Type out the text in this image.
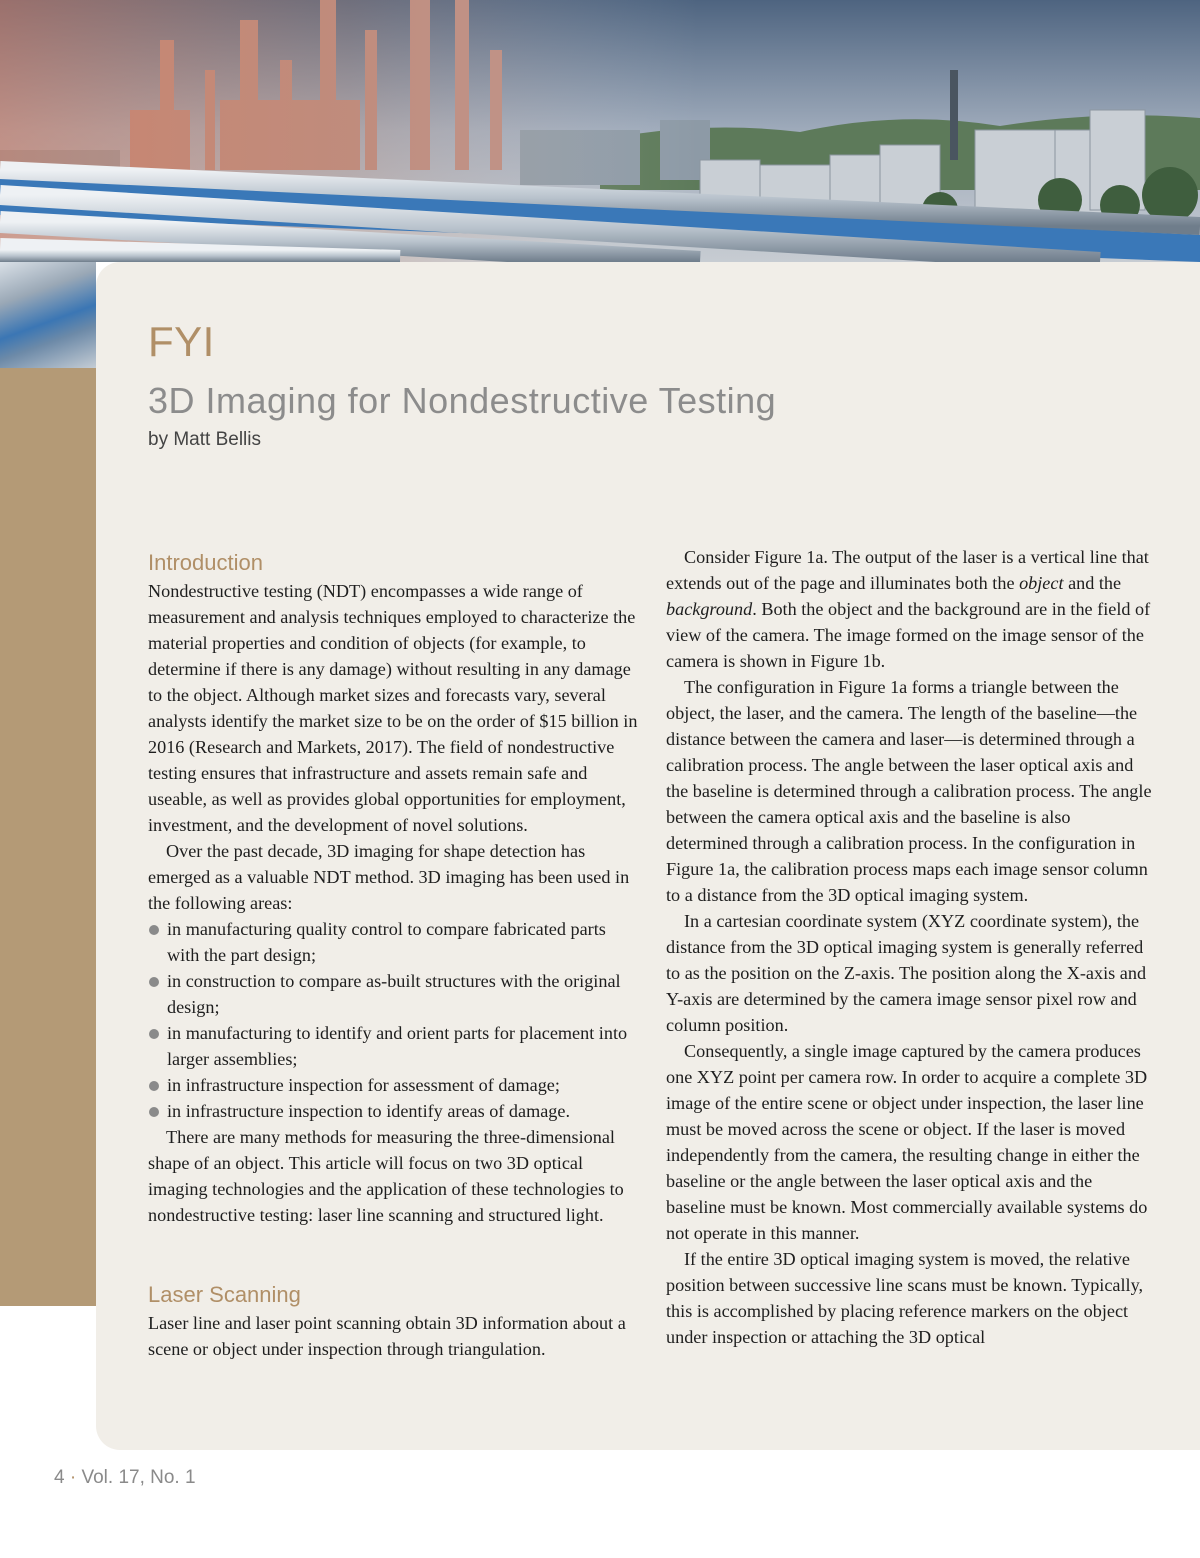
FYI
3D Imaging for Nondestructive Testing
by Matt Bellis
Introduction

Nondestructive testing (NDT) encompasses a wide range of measurement and analysis techniques employed to characterize the material properties and condition of objects (for example, to determine if there is any damage) without resulting in any damage to the object. Although market sizes and forecasts vary, several analysts identify the market size to be on the order of $15 billion in 2016 (Research and Markets, 2017). The field of nondestructive testing ensures that infrastructure and assets remain safe and useable, as well as provides global opportunities for employment, investment, and the development of novel solutions.

Over the past decade, 3D imaging for shape detection has emerged as a valuable NDT method. 3D imaging has been used in the following areas:

in manufacturing quality control to compare fabricated parts with the part design;
in construction to compare as-built structures with the original design;
in manufacturing to identify and orient parts for placement into larger assemblies;
in infrastructure inspection for assessment of damage;
in infrastructure inspection to identify areas of damage.

There are many methods for measuring the three-dimensional shape of an object. This article will focus on two 3D optical imaging technologies and the application of these technologies to nondestructive testing: laser line scanning and structured light.

Laser Scanning

Laser line and laser point scanning obtain 3D information about a scene or object under inspection through triangulation.

Consider Figure 1a. The output of the laser is a vertical line that extends out of the page and illuminates both the object and the background. Both the object and the background are in the field of view of the camera. The image formed on the image sensor of the camera is shown in Figure 1b.

The configuration in Figure 1a forms a triangle between the object, the laser, and the camera. The length of the baseline—the distance between the camera and laser—is determined through a calibration process. The angle between the laser optical axis and the baseline is determined through a calibration process. The angle between the camera optical axis and the baseline is also determined through a calibration process. In the configuration in Figure 1a, the calibration process maps each image sensor column to a distance from the 3D optical imaging system.

In a cartesian coordinate system (XYZ coordinate system), the distance from the 3D optical imaging system is generally referred to as the position on the Z-axis. The position along the X-axis and Y-axis are determined by the camera image sensor pixel row and column position.

Consequently, a single image captured by the camera produces one XYZ point per camera row. In order to acquire a complete 3D image of the entire scene or object under inspection, the laser line must be moved across the scene or object. If the laser is moved independently from the camera, the resulting change in either the baseline or the angle between the laser optical axis and the baseline must be known. Most commercially available systems do not operate in this manner.

If the entire 3D optical imaging system is moved, the relative position between successive line scans must be known. Typically, this is accomplished by placing reference markers on the object under inspection or attaching the 3D optical

4 · Vol. 17, No. 1
